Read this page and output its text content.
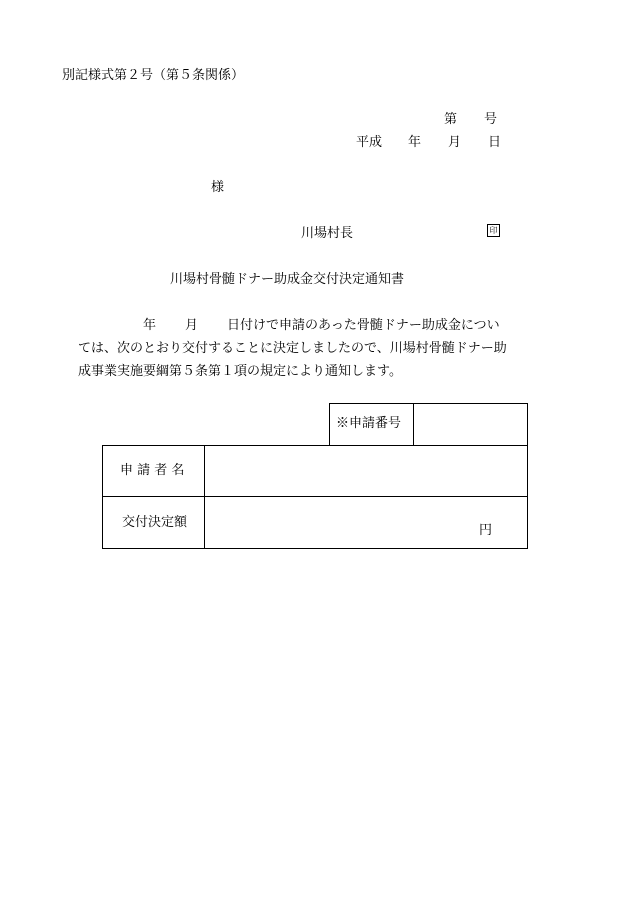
別記様式第２号（第５条関係）
第 号
平成 年 月 日
様
川場村長	印
川場村骨髄ドナー助成金交付決定通知書
年 月 日付けで申請のあった骨髄ドナー助成金につい
ては、次のとおり交付することに決定しましたので、川場村骨髄ドナー助
成事業実施要綱第５条第１項の規定により通知します。
※申請番号
申 請 者 名
交付決定額
円
